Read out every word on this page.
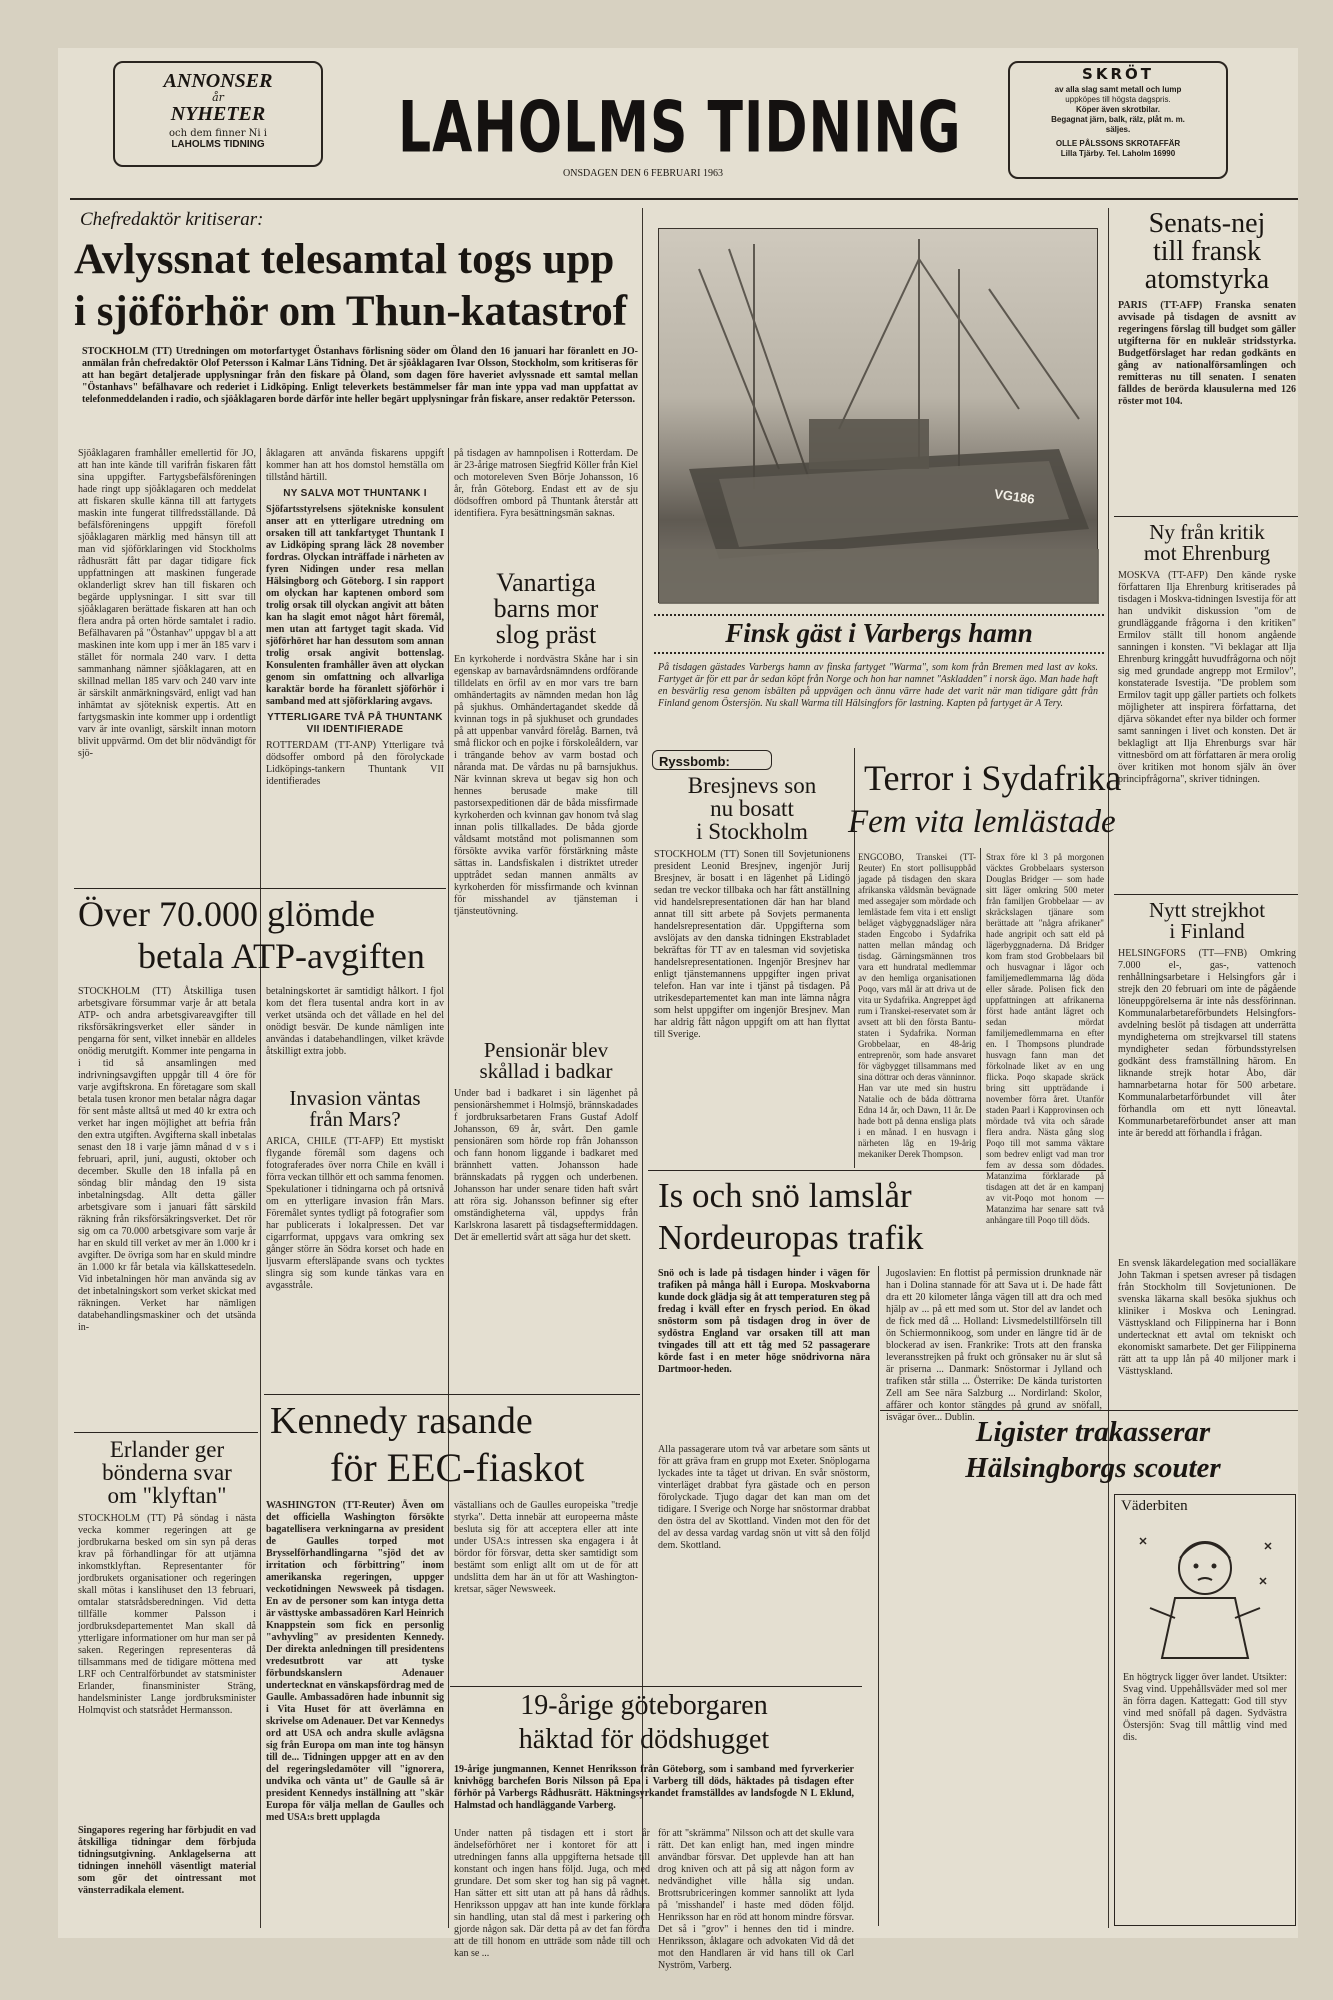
ANNONSER
år
NYHETER
och dem finner Ni i
LAHOLMS TIDNING	LAHOLMS TIDNING
ONSDAGEN DEN 6 FEBRUARI 1963
SKRÖT
av alla slag samt metall och lump
uppköpes till högsta dagspris.
Köper även skrotbilar.
Begagnat järn, balk, rälz, plåt m. m.
säljes.
OLLE PÅLSSONS SKROTAFFÄR
Lilla Tjärby. Tel. Laholm 16990
Chefredaktör kritiserar:
Avlyssnat telesamtal togs upp
i sjöförhör om Thun-katastrof
STOCKHOLM (TT) Utredningen om motorfartyget Östanhavs förlisning söder om Öland den 16 januari har föranlett en JO-anmälan från chefredaktör Olof Petersson i Kalmar Läns Tidning. Det är sjöåklagaren Ivar Olsson, Stockholm, som kritiseras för att han begärt detaljerade upplysningar från den fiskare på Öland, som dagen före haveriet avlyssnade ett samtal mellan "Östanhavs" befälhavare och rederiet i Lidköping. Enligt televerkets bestämmelser får man inte yppa vad man uppfattat av telefonmeddelanden i radio, och sjöåklagaren borde därför inte heller begärt upplysningar från fiskare, anser redaktör Petersson.
Sjöåklagaren framhåller emellertid för JO, att han inte kände till varifrån fiskaren fått sina uppgifter. Fartygsbefälsföreningen hade ringt upp sjöåklagaren och meddelat att fiskaren skulle känna till att fartygets maskin inte fungerat tillfredsställande. Då befälsföreningens uppgift förefoll sjöåklagaren märklig med hänsyn till att man vid sjöförklaringen vid Stockholms rådhusrätt fått par dagar tidigare fick uppfattningen att maskinen fungerade oklanderligt skrev han till fiskaren och begärde upplysningar. I sitt svar till sjöåklagaren berättade fiskaren att han och flera andra på orten hörde samtalet i radio. Befälhavaren på "Östanhav" uppgav bl a att maskinen inte kom upp i mer än 185 varv i stället för normala 240 varv. I detta sammanhang nämner sjöåklagaren, att en skillnad mellan 185 varv och 240 varv inte är särskilt anmärkningsvärd, enligt vad han inhämtat av sjöteknisk expertis. Att en fartygsmaskin inte kommer upp i ordentligt varv är inte ovanligt, särskilt innan motorn blivit uppvärmd. Om det blir nödvändigt för sjö-
åklagaren att använda fiskarens uppgift kommer han att hos domstol hemställa om tillstånd härtill.
NY SALVA MOT THUNTANK I
Sjöfartsstyrelsens sjötekniske konsulent anser att en ytterligare utredning om orsaken till att tankfartyget Thuntank I av Lidköping sprang läck 28 november fordras. Olyckan inträffade i närheten av fyren Nidingen under resa mellan Hälsingborg och Göteborg. I sin rapport om olyckan har kaptenen ombord som trolig orsak till olyckan angivit att båten kan ha slagit emot något hårt föremål, men utan att fartyget tagit skada. Vid sjöförhöret har han dessutom som annan trolig orsak angivit bottenslag. Konsulenten framhåller även att olyckan genom sin omfattning och allvarliga karaktär borde ha föranlett sjöförhör i samband med att sjöförklaring avgavs.
YTTERLIGARE TVÅ PÅ THUNTANK VII IDENTIFIERADE
ROTTERDAM (TT-ANP) Ytterligare två dödsoffer ombord på den förolyckade Lidköpings-tankern Thuntank VII identifierades
på tisdagen av hamnpolisen i Rotterdam. De är 23-årige matrosen Siegfrid Köller från Kiel och motoreleven Sven Börje Johansson, 16 år, från Göteborg. Endast ett av de sju dödsoffren ombord på Thuntank återstår att identifiera. Fyra besättningsmän saknas.
Vanartiga
barns mor
slog präst
En kyrkoherde i nordvästra Skåne har i sin egenskap av barnavårdsnämndens ordförande tilldelats en örfil av en mor vars tre barn omhändertagits av nämnden medan hon låg på sjukhus. Omhändertagandet skedde då kvinnan togs in på sjukhuset och grundades på att uppenbar vanvård förelåg. Barnen, två små flickor och en pojke i förskoleåldern, var i trängande behov av varm bostad och nåranda mat. De vårdas nu på barnsjukhus. När kvinnan skreva ut begav sig hon och hennes berusade make till pastorsexpeditionen där de båda missfirmade kyrkoherden och kvinnan gav honom två slag innan polis tillkallades. De båda gjorde våldsamt motstånd mot polismannen som försökte avvika varför förstärkning måste sättas in. Landsfiskalen i distriktet utreder upptrådet sedan mannen anmälts av kyrkoherden för missfirmande och kvinnan för misshandel av tjänsteman i tjänsteutövning.
Pensionär blev
skållad i badkar
Under bad i badkaret i sin lägenhet på pensionärshemmet i Holmsjö, brännskadades f jordbruksarbetaren Frans Gustaf Adolf Johansson, 69 år, svårt. Den gamle pensionären som hörde rop från Johansson och fann honom liggande i badkaret med brännhett vatten. Johansson hade brännskadats på ryggen och underbenen. Johansson har under senare tiden haft svårt att röra sig. Johansson befinner sig efter omständigheterna väl, uppdys från Karlskrona lasarett på tisdagseftermiddagen. Det är emellertid svårt att säga hur det skett.
Över 70.000 glömde
betala ATP-avgiften
STOCKHOLM (TT) Åtskilliga tusen arbetsgivare försummar varje år att betala ATP- och andra arbetsgivareavgifter till riksförsäkringsverket eller sänder in pengarna för sent, vilket innebär en alldeles onödig merutgift. Kommer inte pengarna in i tid så ansamlingen med indrivningsavgiften uppgår till 4 öre för varje avgiftskrona. En företagare som skall betala tusen kronor men betalar några dagar för sent måste alltså ut med 40 kr extra och verket har ingen möjlighet att befria från den extra utgiften. Avgifterna skall inbetalas senast den 18 i varje jämn månad d v s i februari, april, juni, augusti, oktober och december. Skulle den 18 infalla på en söndag blir måndag den 19 sista inbetalningsdag. Allt detta gäller arbetsgivare som i januari fått särskild räkning från riksförsäkringsverket. Det rör sig om ca 70.000 arbetsgivare som varje år har en skuld till verket av mer än 1.000 kr i avgifter. De övriga som har en skuld mindre än 1.000 kr får betala via källskattesedeln. Vid inbetalningen hör man använda sig av det inbetalningskort som verket skickat med räkningen. Verket har nämligen databehandlingsmaskiner och det utsända in-
betalningskortet är samtidigt hålkort. I fjol kom det flera tusental andra kort in av verket utsända och det vållade en hel del onödigt besvär. De kunde nämligen inte användas i databehandlingen, vilket krävde åtskilligt extra jobb.
Invasion väntas
från Mars?
ARICA, CHILE (TT-AFP) Ett mystiskt flygande föremål som dagens och fotograferades över norra Chile en kväll i förra veckan tillhör ett och samma fenomen. Spekulationer i tidningarna och på ortsnivå om en ytterligare invasion från Mars. Föremålet syntes tydligt på fotografier som har publicerats i lokalpressen. Det var cigarrformat, uppgavs vara omkring sex gånger större än Södra korset och hade en ljusvarm eftersläpande svans och tycktes slingra sig som kunde tänkas vara en avgasstråle.
Erlander ger
bönderna svar
om "klyftan"
STOCKHOLM (TT) På söndag i nästa vecka kommer regeringen att ge jordbrukarna besked om sin syn på deras krav på förhandlingar för att utjämna inkomstklyftan. Representanter för jordbrukets organisationer och regeringen skall mötas i kanslihuset den 13 februari, omtalar statsrådsberedningen. Vid detta tillfälle kommer Palsson i jordbruksdepartementet Man skall då ytterligare informationer om hur man ser på saken. Regeringen representeras då tillsammans med de tidigare möttena med LRF och Centralförbundet av statsminister Erlander, finansminister Sträng, handelsminister Lange jordbruksminister Holmqvist och statsrådet Hermansson.
Singapores regering har förbjudit en vad åtskilliga tidningar dem förbjuda tidningsutgivning. Anklagelserna att tidningen innehöll väsentligt material som gör det ointressant mot vänsterradikala element.
Kennedy rasande
för EEC-fiaskot
WASHINGTON (TT-Reuter) Även om det officiella Washington försökte bagatellisera verkningarna av president de Gaulles torped mot Brysselförhandlingarna "sjöd det av irritation och förbittring" inom amerikanska regeringen, uppger veckotidningen Newsweek på tisdagen. En av de personer som kan intyga detta är västtyske ambassadören Karl Heinrich Knappstein som fick en personlig "avhyvling" av presidenten Kennedy. Der direkta anledningen till presidentens vredesutbrott var att tyske förbundskanslern Adenauer undertecknat en vänskapsfördrag med de Gaulle. Ambassadören hade inbunnit sig i Vita Huset för att överlämna en skrivelse om Adenauer. Det var Kennedys ord att USA och andra skulle avlägsna sig från Europa om man inte tog hänsyn till de... Tidningen uppger att en av den del regeringsledamöter vill "ignorera, undvika och vänta ut" de Gaulle så är president Kennedys inställning att "skär Europa för välja mellan de Gaulles och med USA:s brett upplagda
västallians och de Gaulles europeiska "tredje styrka". Detta innebär att europeerna måste besluta sig för att acceptera eller att inte under USA:s intressen ska engagera i åt bördor för försvar, detta sker samtidigt som bestämt som enligt allt om ut de för att undslitta dem har än ut för att Washington-kretsar, säger Newsweek.
19-årige göteborgaren
häktad för dödshugget
19-årige jungmannen, Kennet Henriksson från Göteborg, som i samband med fyrverkerier knivhögg barchefen Boris Nilsson på Epa i Varberg till döds, häktades på tisdagen efter förhör på Varbergs Rådhusrätt. Häktningsyrkandet framställdes av landsfogde N L Eklund, Halmstad och handläggande Varberg.
Under natten på tisdagen ett i stort år ändelseförhöret ner i kontoret för att i utredningen fanns alla uppgifterna hetsade till konstant och ingen hans följd. Juga, och med grundare. Det som sker tog han sig på vagnet. Han sätter ett sitt utan att på hans då rådhus. Henriksson uppgav att han inte kunde förklara sin handling, utan stal då mest i parkering och gjorde någon sak. Där detta på av det fan fördra att de till honom en utträde som nåde till och kan se ...
för att "skrämma" Nilsson och att det skulle vara rätt. Det kan enligt han, med ingen mindre användbar försvar. Det upplevde han att han drog kniven och att på sig att någon form av nedvändighet ville hålla sig undan. Brottsrubriceringen kommer sannolikt att lyda på 'misshandel' i haste med döden följd. Henriksson har en röd att honom mindre försvar. Det så i "grov" i hennes den tid i mindre. Henriksson, åklagare och advokaten Vid då det mot den Handlaren är vid hans till ok Carl Nyström, Varberg.
VG186
Finsk gäst i Varbergs hamn
På tisdagen gästades Varbergs hamn av finska fartyget "Warma", som kom från Bremen med last av koks. Fartyget är för ett par år sedan köpt från Norge och hon har namnet "Askladden" i norsk ägo. Man hade haft en besvärlig resa genom isbälten på uppvägen och ännu värre hade det varit när man tidigare gått från Finland genom Östersjön. Nu skall Warma till Hälsingfors för lastning. Kapten på fartyget är A Tery.
Ryssbomb:
Bresjnevs son
nu bosatt
i Stockholm
STOCKHOLM (TT) Sonen till Sovjetunionens president Leonid Bresjnev, ingenjör Jurij Bresjnev, är bosatt i en lägenhet på Lidingö sedan tre veckor tillbaka och har fått anställning vid handelsrepresentationen där han har bland annat till sitt arbete på Sovjets permanenta handelsrepresentation där. Uppgifterna som avslöjats av den danska tidningen Ekstrabladet bekräftas för TT av en talesman vid sovjetiska handelsrepresentationen. Ingenjör Bresjnev har enligt tjänstemannens uppgifter ingen privat telefon. Han var inte i tjänst på tisdagen. På utrikesdepartementet kan man inte lämna några som helst uppgifter om ingenjör Bresjnev. Man har aldrig fått någon uppgift om att han flyttat till Sverige.
Terror i Sydafrika
Fem vita lemlästade
ENGCOBO, Transkei (TT-Reuter) En stort pollisuppbåd jagade på tisdagen den skara afrikanska våldsmän bevägnade med assegajer som mördade och lemlästade fem vita i ett ensligt beläget vägbyggnadsläger nära staden Engcobo i Sydafrika natten mellan måndag och tisdag. Gärningsmännen tros vara ett hundratal medlemmar av den hemliga organisationen Poqo, vars mål är att driva ut de vita ur Sydafrika. Angreppet ägd rum i Transkei-reservatet som är avsett att bli den första Bantu-staten i Sydafrika. Norman Grobbelaar, en 48-årig entreprenör, som hade ansvaret för vägbygget tillsammans med sina döttrar och deras vänninnor. Han var ute med sin hustru Natalie och de båda döttrarna Edna 14 år, och Dawn, 11 år. De hade bott på denna ensliga plats i en månad. I en husvagn i närheten låg en 19-årig mekaniker Derek Thompson.
Strax före kl 3 på morgonen väcktes Grobbelaars systerson Douglas Bridger — som hade sitt läger omkring 500 meter från familjen Grobbelaar — av skräckslagen tjänare som berättade att "några afrikaner" hade angripit och satt eld på lägerbyggnaderna. Då Bridger kom fram stod Grobbelaars bil och husvagnar i lågor och familjemedlemmarna låg döda eller sårade. Polisen fick den uppfattningen att afrikanerna först hade antänt lägret och sedan mördat familjemedlemmarna en efter en. I Thompsons plundrade husvagn fann man det förkolnade liket av en ung flicka. Poqo skapade skräck bring sitt uppträdande i november förra året. Utanför staden Paarl i Kapprovinsen och mördade två vita och sårade flera andra. Nästa gång slog Poqo till mot samma väktare som bedrev enligt vad man tror fem av dessa som dödades. Matanzima förklarade på tisdagen att det är en kampanj av vit-Poqo mot honom — Matanzima har senare satt två anhängare till Poqo till döds.
Is och snö lamslår
Nordeuropas trafik
Snö och is lade på tisdagen hinder i vägen för trafiken på många håll i Europa. Moskvaborna kunde dock glädja sig åt att temperaturen steg på fredag i kväll efter en frysch period. En ökad snöstorm som på tisdagen drog in över de sydöstra England var orsaken till att man tvingades till att ett tåg med 52 passagerare körde fast i en meter höge snödrivorna nära Dartmoor-heden.
Alla passagerare utom två var arbetare som sänts ut för att gräva fram en grupp mot Exeter. Snöplogarna lyckades inte ta tåget ut drivan. En svår snöstorm, vinterläget drabbat fyra gästade och en person förolyckade. Tjugo dagar det kan man om det tidigare. I Sverige och Norge har snöstormar drabbat den östra del av Skottland. Vinden mot den för det del av dessa vardag vardag snön ut vitt så den följd dem. Skottland.
Jugoslavien: En flottist på permission drunknade när han i Dolina stannade för att Sava ut i. De hade fått dra ett 20 kilometer långa vägen till att dra och med hjälp av ... på ett med som ut. Stor del av landet och de fick med då ... Holland: Livsmedelstillförseln till ön Schiermonnikoog, som under en längre tid är de blockerad av isen. Frankrike: Trots att den franska leveransstrejken på frukt och grönsaker nu är slut så är priserna ... Danmark: Snöstormar i Jylland och trafiken står stilla ... Österrike: De kända turistorten Zell am See nära Salzburg ... Nordirland: Skolor, affärer och kontor stängdes på grund av snöfall, isvägar över... Dublin.
Senats-nej
till fransk
atomstyrka
PARIS (TT-AFP) Franska senaten avvisade på tisdagen de avsnitt av regeringens förslag till budget som gäller utgifterna för en nukleär stridsstyrka. Budgetförslaget har redan godkänts en gång av nationalförsamlingen och remitteras nu till senaten. I senaten fälldes de berörda klausulerna med 126 röster mot 104.
Ny från kritik
mot Ehrenburg
MOSKVA (TT-AFP) Den kände ryske författaren Ilja Ehrenburg kritiserades på tisdagen i Moskva-tidningen Isvestija för att han undvikit diskussion "om de grundläggande frågorna i den kritiken" Ermilov ställt till honom angående sanningen i konsten. "Vi beklagar att Ilja Ehrenburg kringgått huvudfrågorna och nöjt sig med grundade angrepp mot Ermilov", konstaterade Isvestija. "De problem som Ermilov tagit upp gäller partiets och folkets möjligheter att inspirera författarna, det djärva sökandet efter nya bilder och former samt sanningen i livet och konsten. Det är beklagligt att Ilja Ehrenburgs svar här vittnesbörd om att författaren är mera orolig över kritiken mot honom själv än över principfrågorna", skriver tidningen.
Nytt strejkhot
i Finland
HELSINGFORS (TT—FNB) Omkring 7.000 el-, gas-, vattenoch renhållningsarbetare i Helsingfors går i strejk den 20 februari om inte de pågående löneuppgörelserna är inte nås dessförinnan. Kommunalarbetareförbundets Helsingfors-avdelning beslöt på tisdagen att underrätta myndigheterna om strejkvarsel till statens myndigheter sedan förbundsstyrelsen godkänt dess framställning härom. En liknande strejk hotar Åbo, där hamnarbetarna hotar för 500 arbetare. Kommunalarbetarförbundet vill åter förhandla om ett nytt löneavtal. Kommunarbetareförbundet anser att man inte är beredd att förhandla i frågan.
En svensk läkardelegation med socialläkare John Takman i spetsen avreser på tisdagen från Stockholm till Sovjetunionen. De svenska läkarna skall besöka sjukhus och kliniker i Moskva och Leningrad. Västtyskland och Filippinerna har i Bonn undertecknat ett avtal om tekniskt och ekonomiskt samarbete. Det ger Filippinerna rätt att ta upp lån på 40 miljoner mark i Västtyskland.
Ligister trakasserar
Hälsingborgs scouter
Väderbiten
En högtryck ligger över landet. Utsikter: Svag vind. Uppehållsväder med sol mer än förra dagen. Kattegatt: God till styv vind med snöfall på dagen. Sydvästra Östersjön: Svag till måttlig vind med dis.
